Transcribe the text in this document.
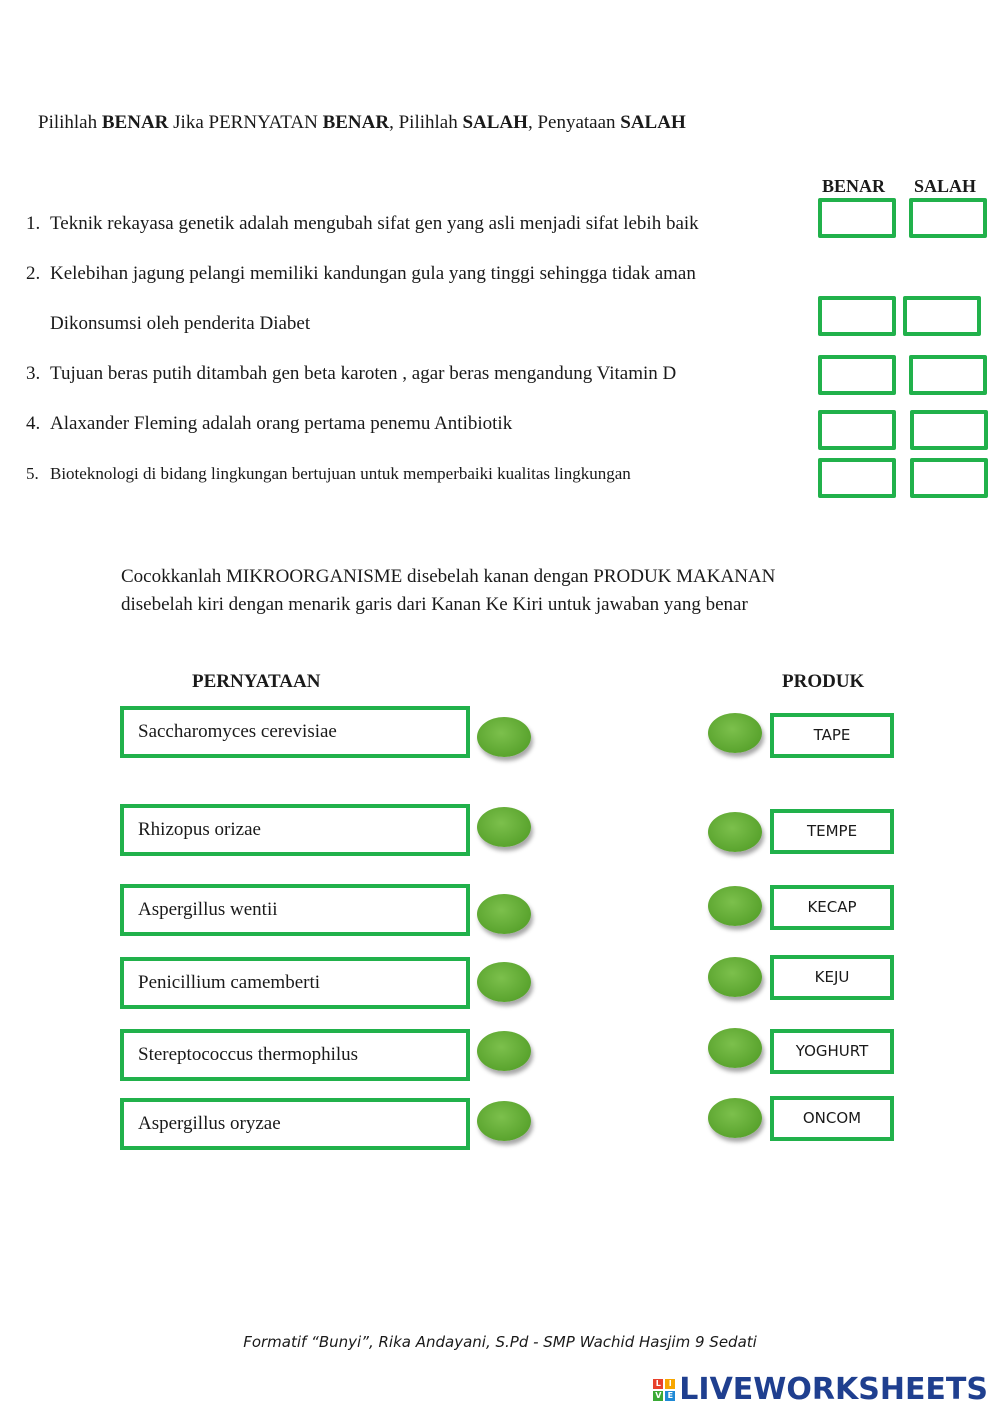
Pilihlah BENAR Jika PERNYATAN BENAR, Pilihlah SALAH, Penyataan SALAH
BENAR SALAH
1. Teknik rekayasa genetik adalah mengubah sifat gen yang asli menjadi sifat lebih baik
2. Kelebihan jagung pelangi memiliki kandungan gula yang tinggi sehingga tidak aman
Dikonsumsi oleh penderita Diabet
3. Tujuan beras putih ditambah gen beta karoten , agar beras mengandung Vitamin D
4. Alaxander Fleming adalah orang pertama penemu Antibiotik
5. Bioteknologi di bidang lingkungan bertujuan untuk memperbaiki kualitas lingkungan
Cocokkanlah MIKROORGANISME disebelah kanan dengan PRODUK MAKANAN
disebelah kiri dengan menarik garis dari Kanan Ke Kiri untuk jawaban yang benar
PERNYATAAN	PRODUK
Saccharomyces cerevisiae
Rhizopus orizae
Aspergillus wentii
Penicillium camemberti
Stereptococcus thermophilus
Aspergillus oryzae
TAPE
TEMPE
KECAP
KEJU
YOGHURT
ONCOM
Formatif “Bunyi”, Rika Andayani, S.Pd - SMP Wachid Hasjim 9 Sedati
L I
V E LIVEWORKSHEETS
